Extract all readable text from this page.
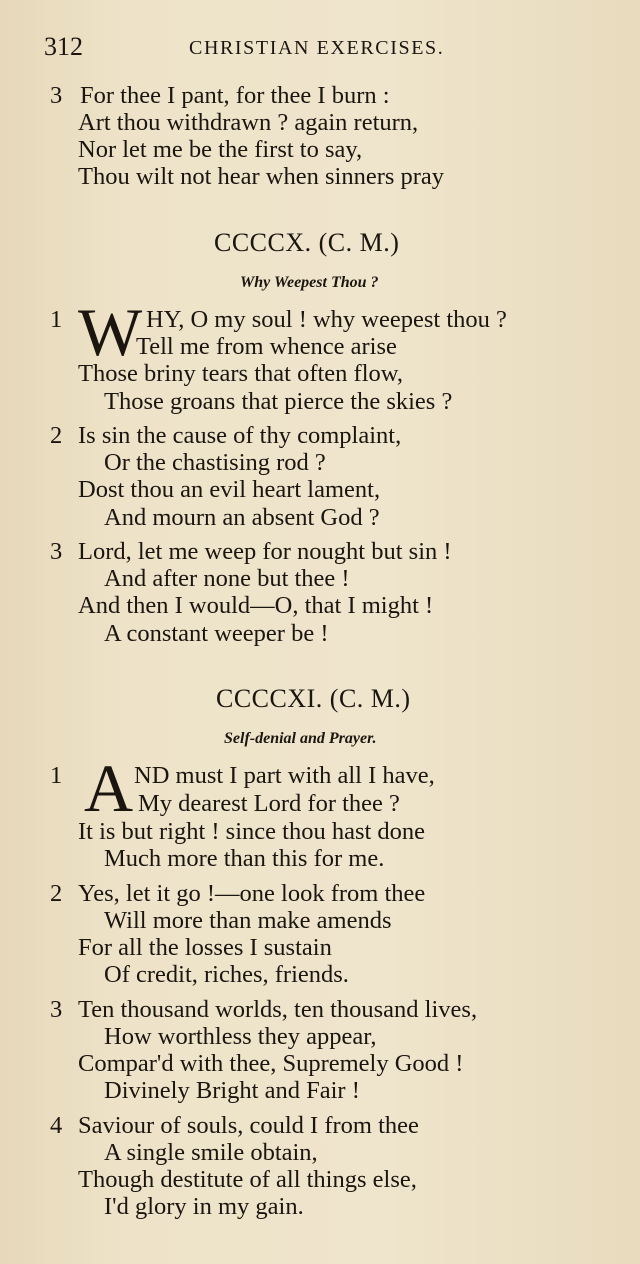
312	CHRISTIAN EXERCISES.
3 For thee I pant, for thee I burn :
Art thou withdrawn ? again return,
Nor let me be the first to say,
Thou wilt not hear when sinners pray
CCCCX. (C. M.)
Why Weepest Thou ?
1 W HY, O my soul ! why weepest thou ?
Tell me from whence arise
Those briny tears that often flow,
Those groans that pierce the skies ?
2 Is sin the cause of thy complaint,
Or the chastising rod ?
Dost thou an evil heart lament,
And mourn an absent God ?
3 Lord, let me weep for nought but sin !
And after none but thee !
And then I would—O, that I might !
A constant weeper be !
CCCCXI. (C. M.)
Self-denial and Prayer.
1 A ND must I part with all I have,
My dearest Lord for thee ?
It is but right ! since thou hast done
Much more than this for me.
2 Yes, let it go !—one look from thee
Will more than make amends
For all the losses I sustain
Of credit, riches, friends.
3 Ten thousand worlds, ten thousand lives,
How worthless they appear,
Compar'd with thee, Supremely Good !
Divinely Bright and Fair !
4 Saviour of souls, could I from thee
A single smile obtain,
Though destitute of all things else,
I'd glory in my gain.
